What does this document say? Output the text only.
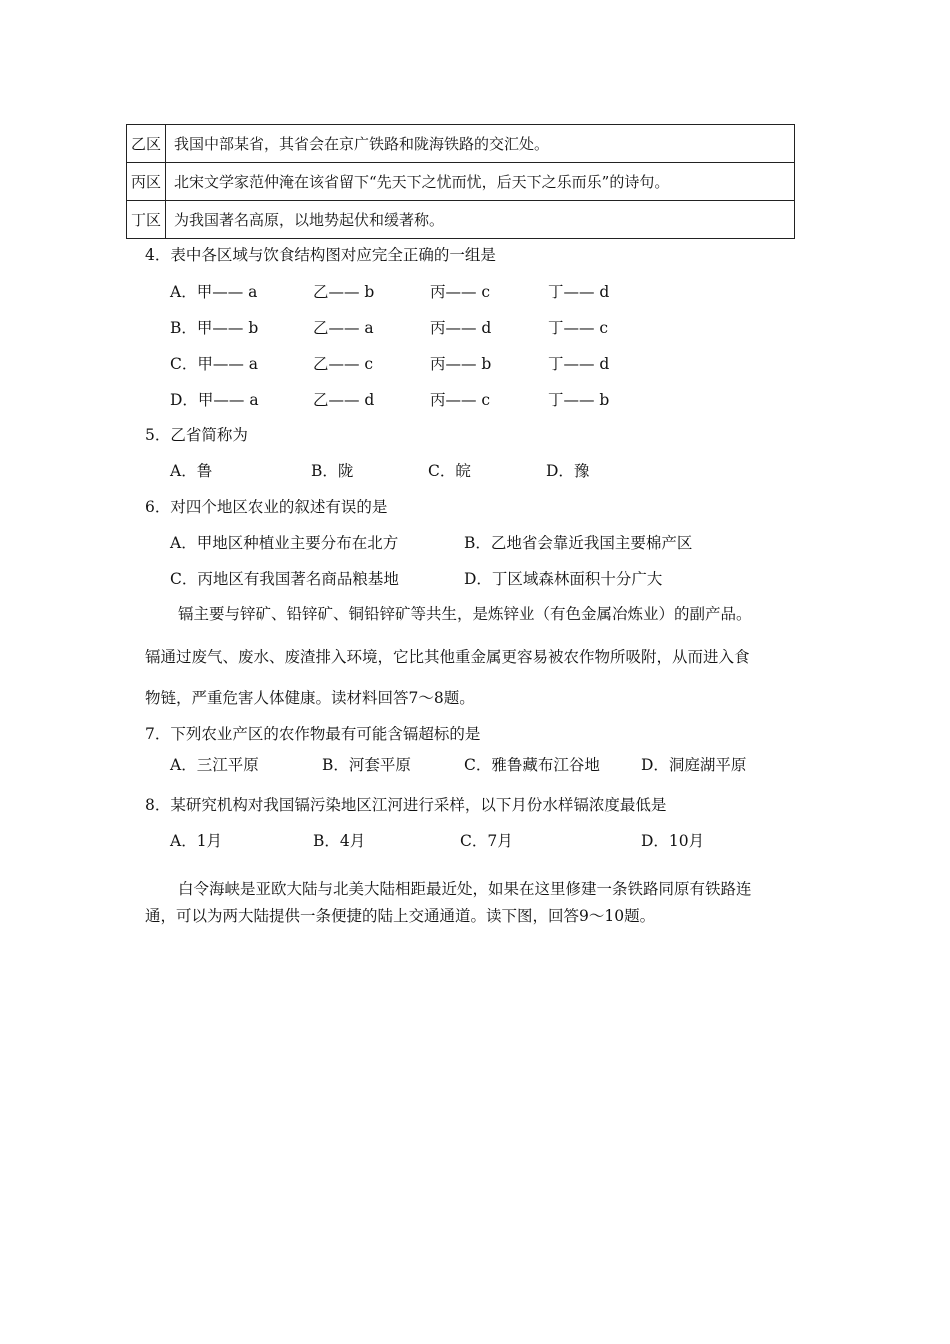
乙区	我国中部某省，其省会在京广铁路和陇海铁路的交汇处。
丙区	北宋文学家范仲淹在该省留下“先天下之忧而忧，后天下之乐而乐”的诗句。
丁区	为我国著名高原，以地势起伏和缓著称。
4．表中各区域与饮食结构图对应完全正确的一组是
A．甲—— a	乙—— b	丙—— c	丁—— d
B．甲—— b	乙—— a	丙—— d	丁—— c
C．甲—— a	乙—— c	丙—— b	丁—— d
D．甲—— a	乙—— d	丙—— c	丁—— b
5．乙省简称为
A．鲁	B．陇	C．皖	D．豫
6．对四个地区农业的叙述有误的是
A．甲地区种植业主要分布在北方	B．乙地省会靠近我国主要棉产区
C．丙地区有我国著名商品粮基地	D．丁区域森林面积十分广大
镉主要与锌矿、铅锌矿、铜铅锌矿等共生，是炼锌业（有色金属冶炼业）的副产品。
镉通过废气、废水、废渣排入环境，它比其他重金属更容易被农作物所吸附，从而进入食
物链，严重危害人体健康。读材料回答7～8题。
7．下列农业产区的农作物最有可能含镉超标的是
A．三江平原	B．河套平原	C．雅鲁藏布江谷地	D．洞庭湖平原
8．某研究机构对我国镉污染地区江河进行采样，以下月份水样镉浓度最低是
A．1月	B．4月	C．7月	D．10月
白令海峡是亚欧大陆与北美大陆相距最近处，如果在这里修建一条铁路同原有铁路连
通，可以为两大陆提供一条便捷的陆上交通通道。读下图，回答9～10题。
